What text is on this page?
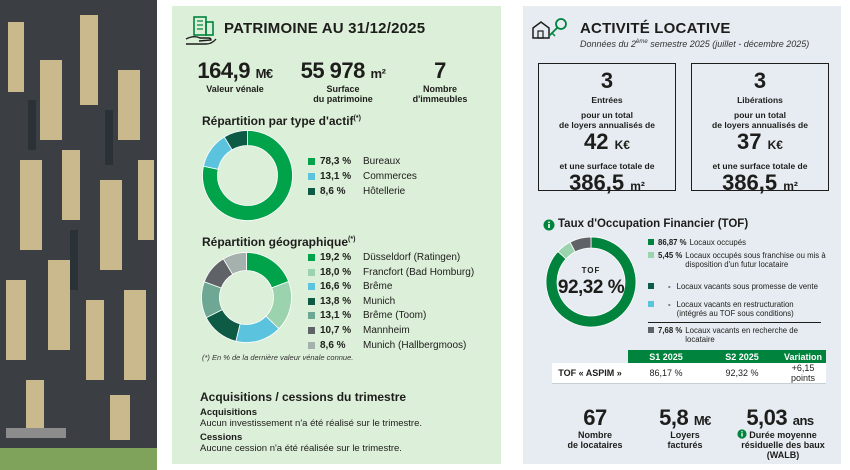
PATRIMOINE AU 31/12/2025
164,9 M€
Valeur vénale
55 978 m²
Surface
du patrimoine
7
Nombre
d'immeubles
Répartition par type d'actif(*)
78,3 %	Bureaux
13,1 %	Commerces
8,6 %	Hôtellerie
Répartition géographique(*)
19,2 %	Düsseldorf (Ratingen)
18,0 %	Francfort (Bad Homburg)
16,6 %	Brême
13,8 %	Munich
13,1 %	Brême (Toom)
10,7 %	Mannheim
8,6 %	Munich (Hallbergmoos)
(*) En % de la dernière valeur vénale connue.
Acquisitions / cessions du trimestre
Acquisitions
Aucun investissement n'a été réalisé sur le trimestre.
Cessions
Aucune cession n'a été réalisée sur le trimestre.
ACTIVITÉ LOCATIVE
Données du 2ème semestre 2025 (juillet - décembre 2025)
3
Entrées
pour un total
de loyers annualisés de
42 K€
et une surface totale de
386,5 m²
3
Libérations
pour un total
de loyers annualisés de
37 K€
et une surface totale de
386,5 m²
Taux d'Occupation Financier (TOF)
TOF
92,32 %
86,87 % Locaux occupés
5,45 % Locaux occupés sous franchise ou mis à disposition d'un futur locataire
- Locaux vacants sous promesse de vente
- Locaux vacants en restructuration (intégrés au TOF sous conditions)
7,68 % Locaux vacants en recherche de locataire
	S1 2025	S2 2025	Variation
TOF « ASPIM »	86,17 %	92,32 %	+6,15 points
67
Nombre
de locataires
5,8 M€
Loyers
facturés
5,03 ans
Durée moyenne
résiduelle des baux
(WALB)
